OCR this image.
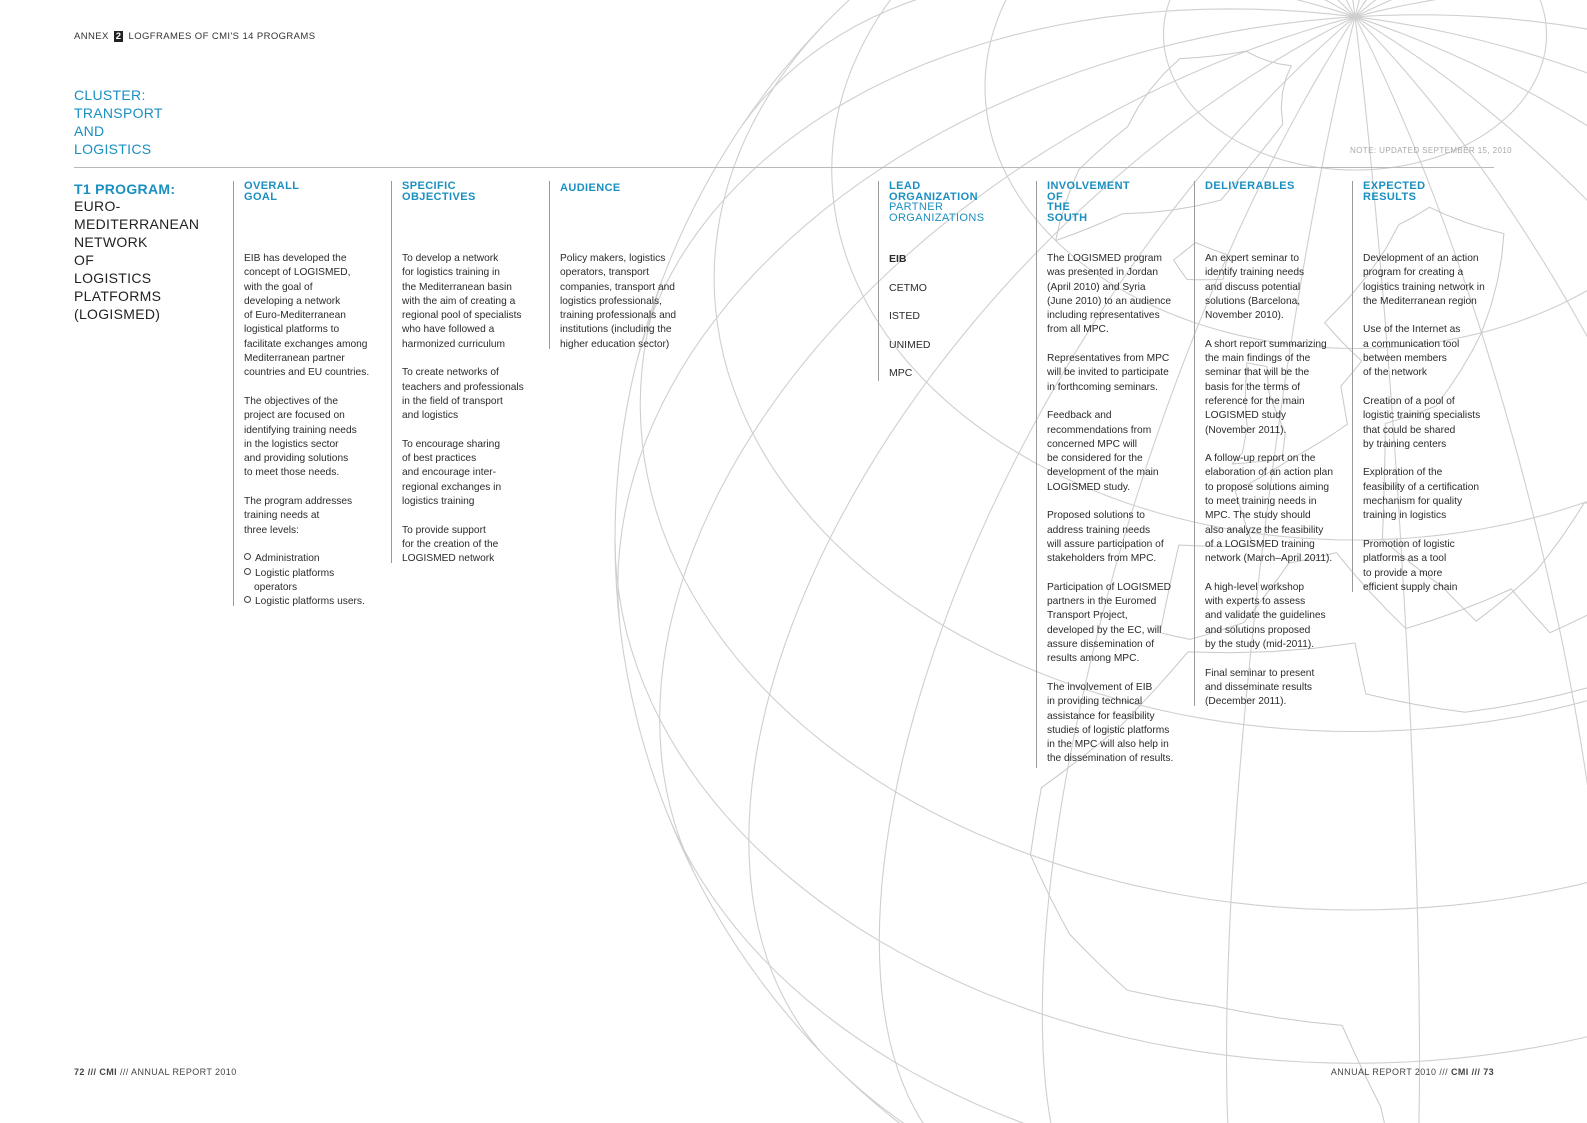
ANNEX 2 LOGFRAMES OF CMI'S 14 PROGRAMS
CLUSTER:
TRANSPORT
AND
LOGISTICS	NOTE: UPDATED SEPTEMBER 15, 2010
T1 PROGRAM:
EURO-
MEDITERRANEAN
NETWORK
OF
LOGISTICS
PLATFORMS
(LOGISMED)
OVERALL
GOAL

EIB has developed the
concept of LOGISMED,
with the goal of
developing a network
of Euro-Mediterranean
logistical platforms to
facilitate exchanges among
Mediterranean partner
countries and EU countries.

The objectives of the
project are focused on
identifying training needs
in the logistics sector
and providing solutions
to meet those needs.

The program addresses
training needs at
three levels:

Administration
Logistic platforms
operators
Logistic platforms users.
SPECIFIC
OBJECTIVES

To develop a network
for logistics training in
the Mediterranean basin
with the aim of creating a
regional pool of specialists
who have followed a
harmonized curriculum

To create networks of
teachers and professionals
in the field of transport
and logistics

To encourage sharing
of best practices
and encourage inter-
regional exchanges in
logistics training

To provide support
for the creation of the
LOGISMED network

AUDIENCE

Policy makers, logistics
operators, transport
companies, transport and
logistics professionals,
training professionals and
institutions (including the
higher education sector)

LEAD
ORGANIZATION
PARTNER
ORGANIZATIONS
EIB
CETMO
ISTED
UNIMED
MPC
INVOLVEMENT
OF
THE
SOUTH

The LOGISMED program
was presented in Jordan
(April 2010) and Syria
(June 2010) to an audience
including representatives
from all MPC.

Representatives from MPC
will be invited to participate
in forthcoming seminars.

Feedback and
recommendations from
concerned MPC will
be considered for the
development of the main
LOGISMED study.

Proposed solutions to
address training needs
will assure participation of
stakeholders from MPC.

Participation of LOGISMED
partners in the Euromed
Transport Project,
developed by the EC, will
assure dissemination of
results among MPC.

The involvement of EIB
in providing technical
assistance for feasibility
studies of logistic platforms
in the MPC will also help in
the dissemination of results.

DELIVERABLES

An expert seminar to
identify training needs
and discuss potential
solutions (Barcelona,
November 2010).

A short report summarizing
the main findings of the
seminar that will be the
basis for the terms of
reference for the main
LOGISMED study
(November 2011).

A follow-up report on the
elaboration of an action plan
to propose solutions aiming
to meet training needs in
MPC. The study should
also analyze the feasibility
of a LOGISMED training
network (March–April 2011).

A high-level workshop
with experts to assess
and validate the guidelines
and solutions proposed
by the study (mid-2011).

Final seminar to present
and disseminate results
(December 2011).

EXPECTED
RESULTS

Development of an action
program for creating a
logistics training network in
the Mediterranean region

Use of the Internet as
a communication tool
between members
of the network

Creation of a pool of
logistic training specialists
that could be shared
by training centers

Exploration of the
feasibility of a certification
mechanism for quality
training in logistics

Promotion of logistic
platforms as a tool
to provide a more
efficient supply chain

72 /// CMI /// ANNUAL REPORT 2010	ANNUAL REPORT 2010 /// CMI /// 73
